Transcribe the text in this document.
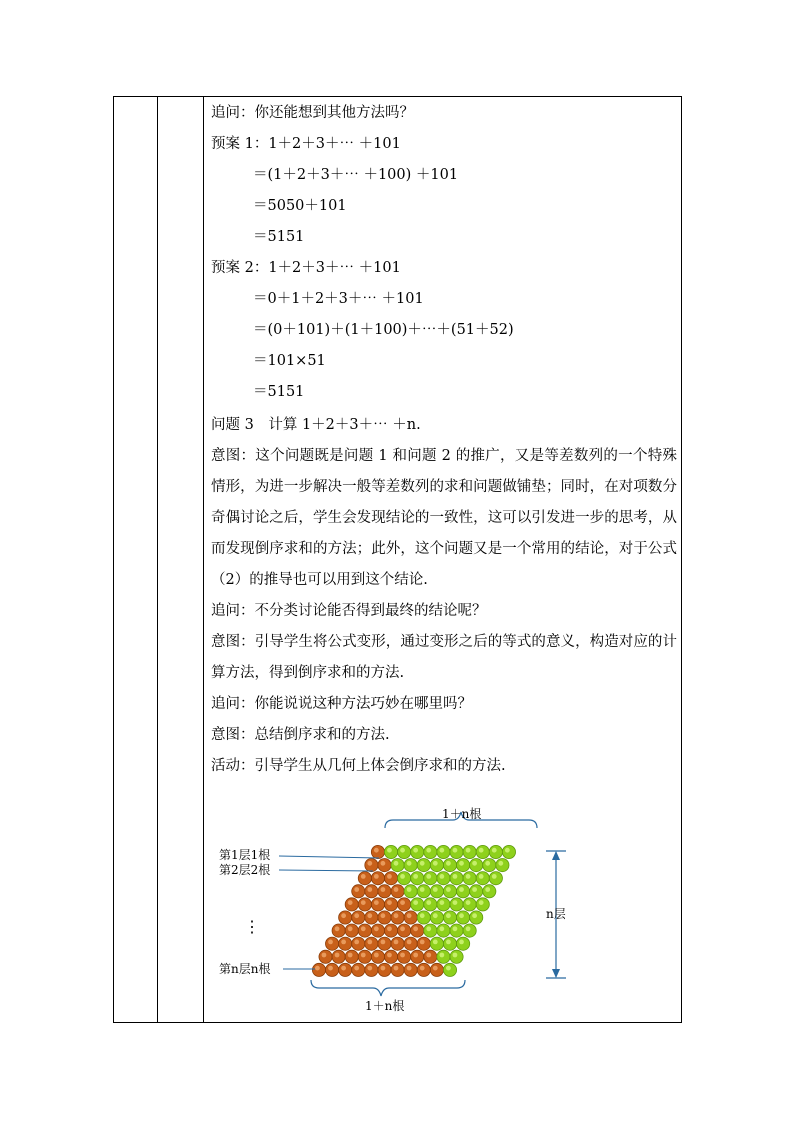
追问：你还能想到其他方法吗？
预案 1：1＋2＋3＋⋯ ＋101
＝(1＋2＋3＋⋯ ＋100) ＋101
＝5050＋101
＝5151
预案 2：1＋2＋3＋⋯ ＋101
＝0＋1＋2＋3＋⋯ ＋101
＝(0＋101)＋(1＋100)＋⋯＋(51＋52)
＝101×51
＝5151
问题 3　计算 1＋2＋3＋⋯ ＋n.
意图：这个问题既是问题 1 和问题 2 的推广，又是等差数列的一个特殊情形，为进一步解决一般等差数列的求和问题做铺垫；同时，在对项数分奇偶讨论之后，学生会发现结论的一致性，这可以引发进一步的思考，从而发现倒序求和的方法；此外，这个问题又是一个常用的结论，对于公式（2）的推导也可以用到这个结论.
追问：不分类讨论能否得到最终的结论呢？
意图：引导学生将公式变形，通过变形之后的等式的意义，构造对应的计算方法，得到倒序求和的方法.
追问：你能说说这种方法巧妙在哪里吗？
意图：总结倒序求和的方法.
活动：引导学生从几何上体会倒序求和的方法.
1＋n根
1＋n根
n层
第1层1根
第2层2根
⋮
第n层n根
